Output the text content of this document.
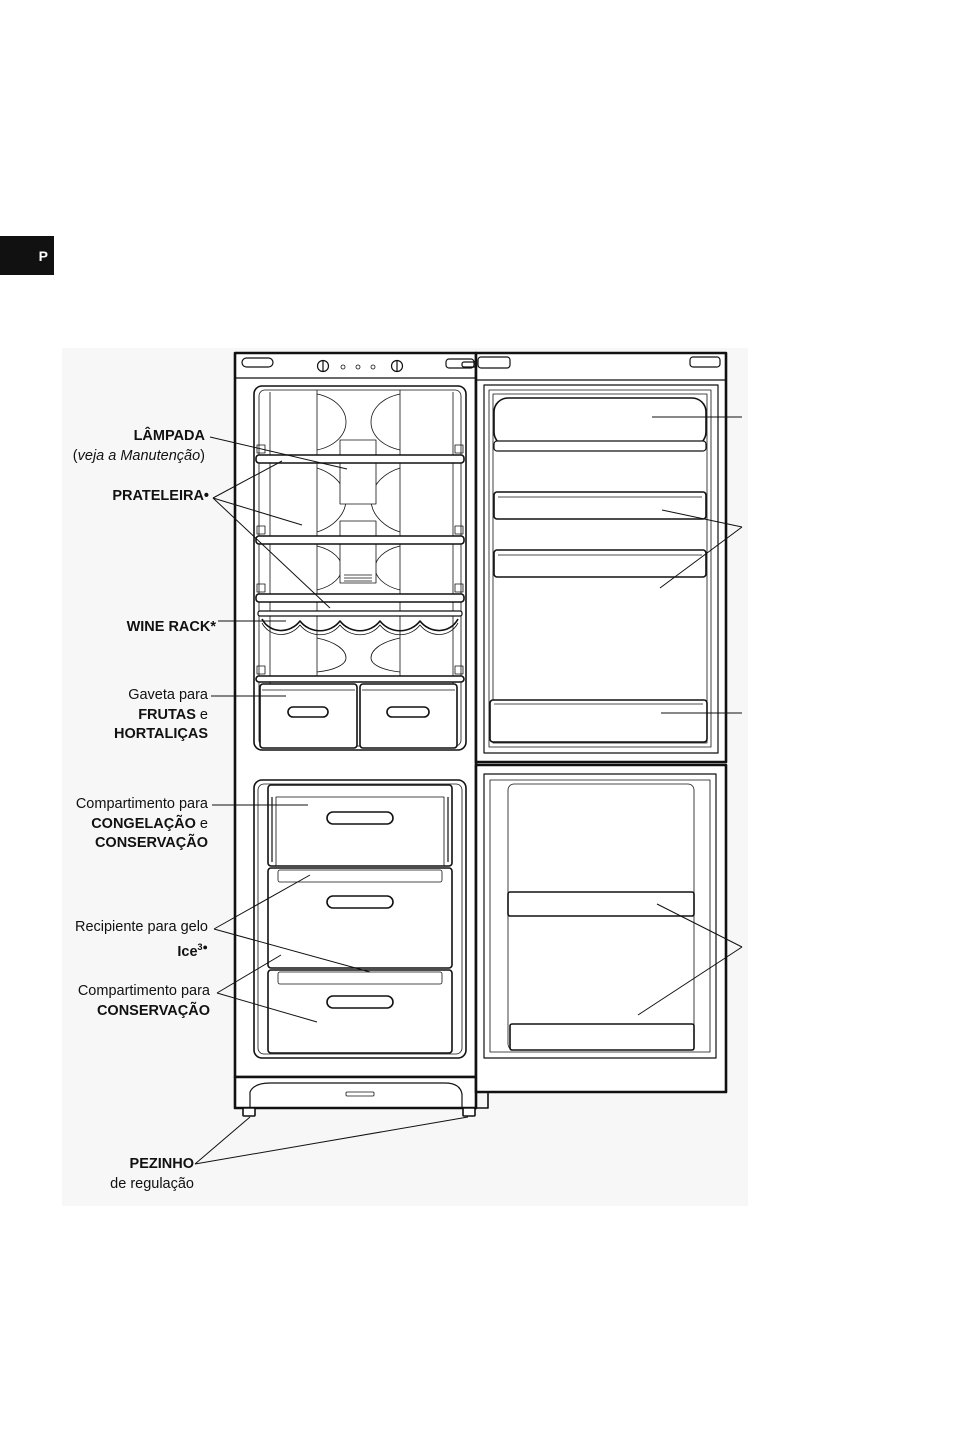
P
LÂMPADA
(veja a Manutenção)
PRATELEIRA•
WINE RACK*
Gaveta para
FRUTAS e
HORTALIÇAS
Compartimento para
CONGELAÇÃO e
CONSERVAÇÃO
Recipiente para gelo
Ice$^{3●}$
Compartimento para
CONSERVAÇÃO
PEZINHO
de regulação
